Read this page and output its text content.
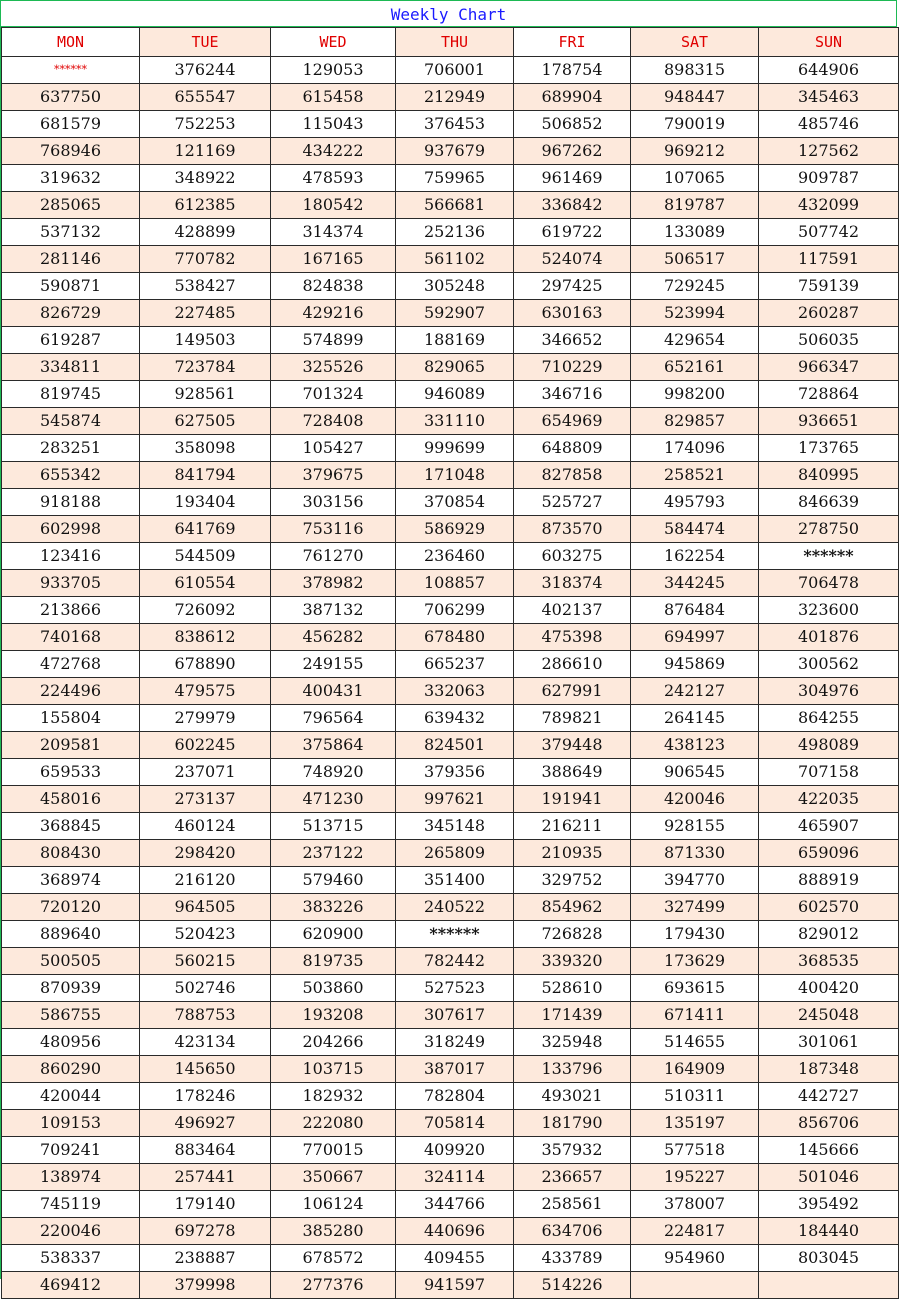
Weekly Chart
MON	TUE	WED	THU	FRI	SAT	SUN
******	376244	129053	706001	178754	898315	644906
637750	655547	615458	212949	689904	948447	345463
681579	752253	115043	376453	506852	790019	485746
768946	121169	434222	937679	967262	969212	127562
319632	348922	478593	759965	961469	107065	909787
285065	612385	180542	566681	336842	819787	432099
537132	428899	314374	252136	619722	133089	507742
281146	770782	167165	561102	524074	506517	117591
590871	538427	824838	305248	297425	729245	759139
826729	227485	429216	592907	630163	523994	260287
619287	149503	574899	188169	346652	429654	506035
334811	723784	325526	829065	710229	652161	966347
819745	928561	701324	946089	346716	998200	728864
545874	627505	728408	331110	654969	829857	936651
283251	358098	105427	999699	648809	174096	173765
655342	841794	379675	171048	827858	258521	840995
918188	193404	303156	370854	525727	495793	846639
602998	641769	753116	586929	873570	584474	278750
123416	544509	761270	236460	603275	162254	******
933705	610554	378982	108857	318374	344245	706478
213866	726092	387132	706299	402137	876484	323600
740168	838612	456282	678480	475398	694997	401876
472768	678890	249155	665237	286610	945869	300562
224496	479575	400431	332063	627991	242127	304976
155804	279979	796564	639432	789821	264145	864255
209581	602245	375864	824501	379448	438123	498089
659533	237071	748920	379356	388649	906545	707158
458016	273137	471230	997621	191941	420046	422035
368845	460124	513715	345148	216211	928155	465907
808430	298420	237122	265809	210935	871330	659096
368974	216120	579460	351400	329752	394770	888919
720120	964505	383226	240522	854962	327499	602570
889640	520423	620900	******	726828	179430	829012
500505	560215	819735	782442	339320	173629	368535
870939	502746	503860	527523	528610	693615	400420
586755	788753	193208	307617	171439	671411	245048
480956	423134	204266	318249	325948	514655	301061
860290	145650	103715	387017	133796	164909	187348
420044	178246	182932	782804	493021	510311	442727
109153	496927	222080	705814	181790	135197	856706
709241	883464	770015	409920	357932	577518	145666
138974	257441	350667	324114	236657	195227	501046
745119	179140	106124	344766	258561	378007	395492
220046	697278	385280	440696	634706	224817	184440
538337	238887	678572	409455	433789	954960	803045
469412	379998	277376	941597	514226		
